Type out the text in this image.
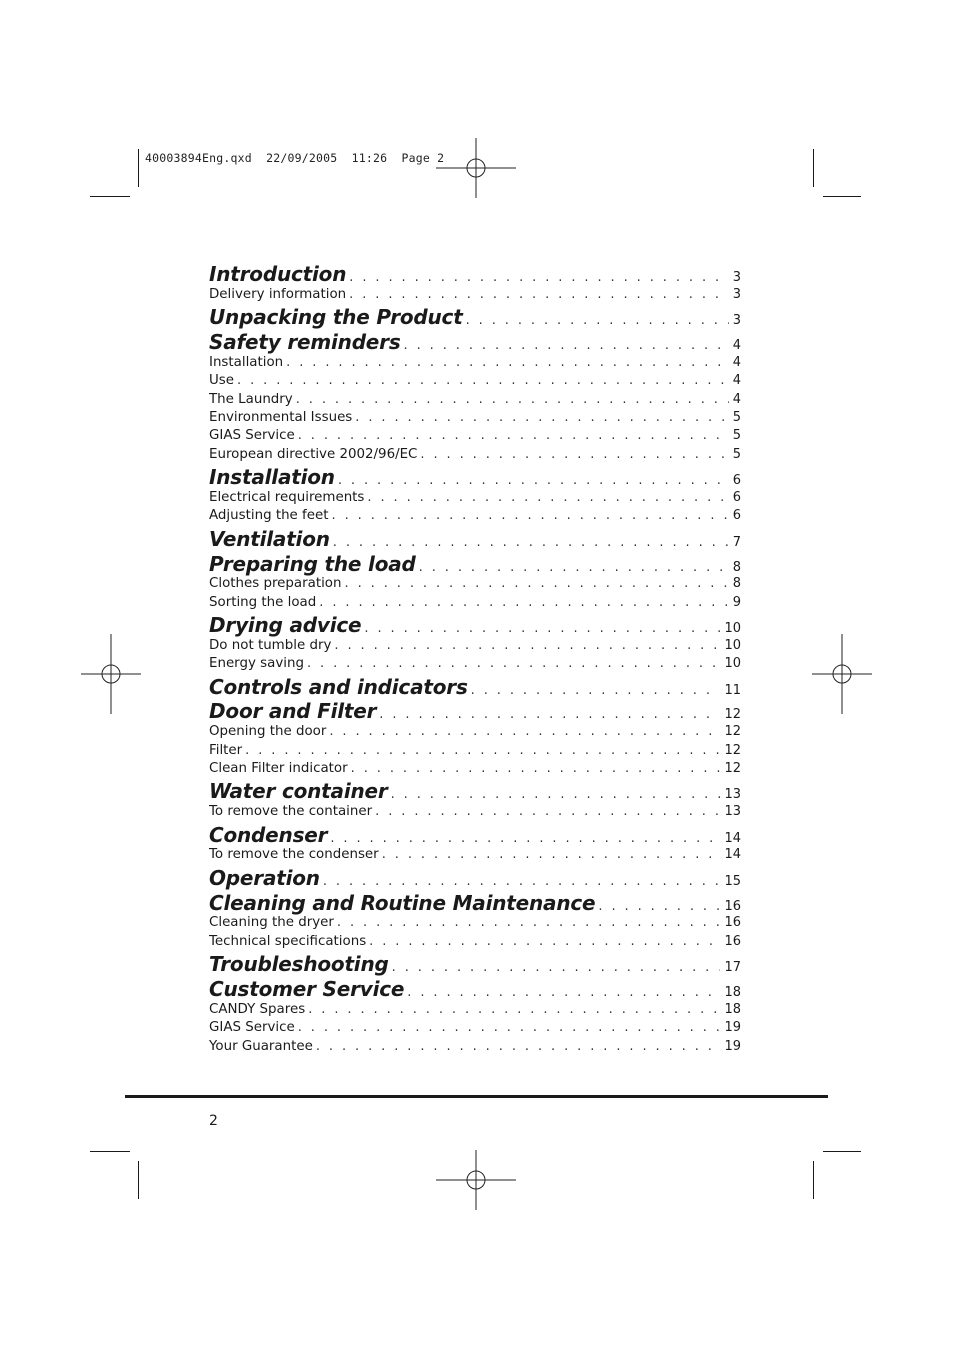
40003894Eng.qxd  22/09/2005  11:26  Page 2
Introduction . . .	3
Delivery information . . .	3
Unpacking the Product . . .	3
Safety reminders . . .	4
Installation . . .	4
Use . . .	4
The Laundry . . .	4
Environmental Issues . . .	5
GIAS Service . . .	5
European directive 2002/96/EC . . .	5
Installation . . .	6
Electrical requirements . . .	6
Adjusting the feet . . .	6
Ventilation . . .	7
Preparing the load . . .	8
Clothes preparation . . .	8
Sorting the load . . .	9
Drying advice . . .	10
Do not tumble dry . . .	10
Energy saving . . .	10
Controls and indicators . . .	11
Door and Filter . . .	12
Opening the door . . .	12
Filter . . .	12
Clean Filter indicator . . .	12
Water container . . .	13
To remove the container . . .	13
Condenser . . .	14
To remove the condenser . . .	14
Operation . . .	15
Cleaning and Routine Maintenance . . .	16
Cleaning the dryer . . .	16
Technical specifications . . .	16
Troubleshooting . . .	17
Customer Service . . .	18
CANDY Spares . . .	18
GIAS Service . . .	19
Your Guarantee . . .	19
2
